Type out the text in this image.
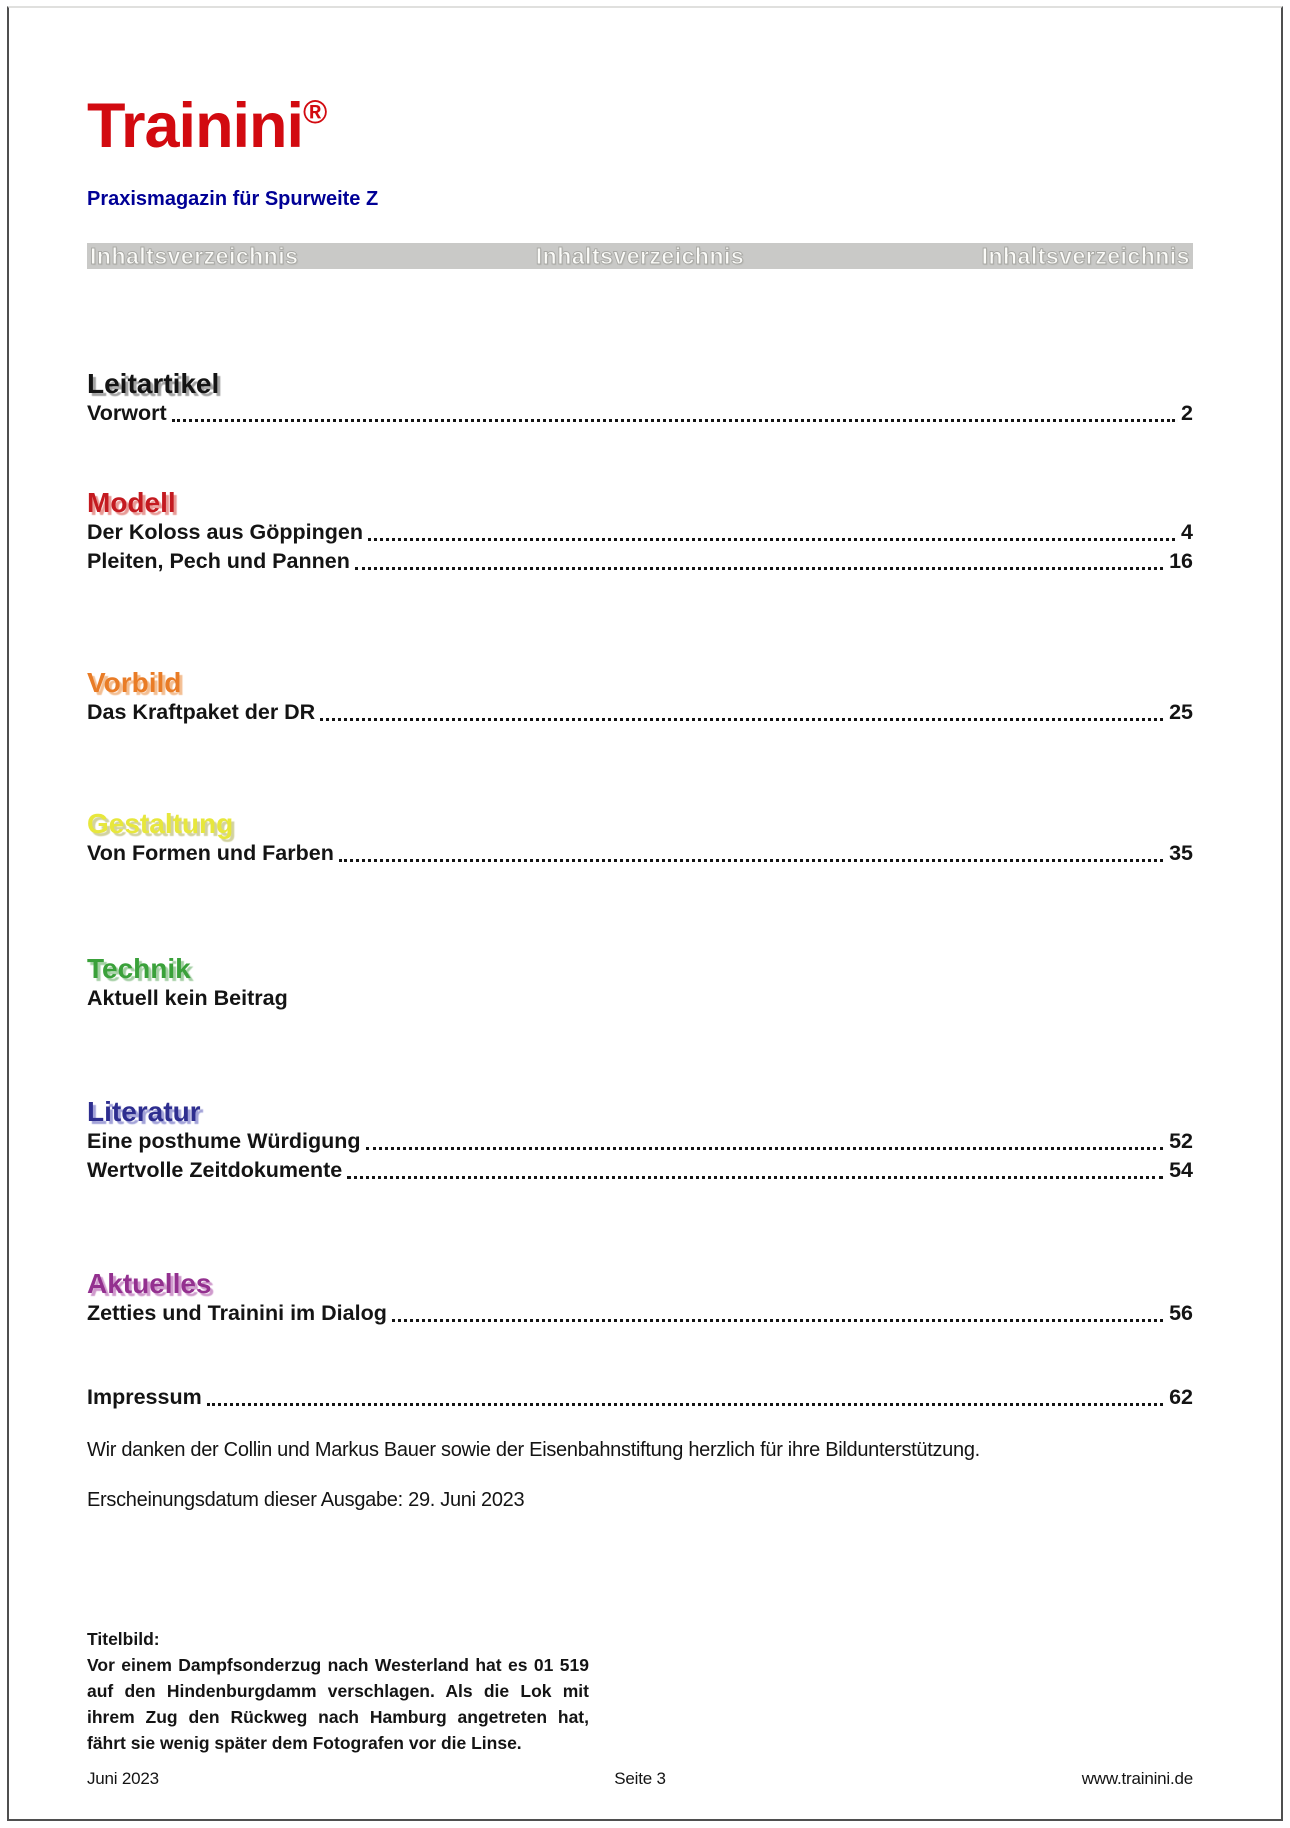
Trainini®
Praxismagazin für Spurweite Z
Inhaltsverzeichnis	Inhaltsverzeichnis	Inhaltsverzeichnis
Leitartikel
Vorwort	2
Modell
Der Koloss aus Göppingen	4
Pleiten, Pech und Pannen	16
Vorbild
Das Kraftpaket der DR	25
Gestaltung
Von Formen und Farben	35
Technik
Aktuell kein Beitrag
Literatur
Eine posthume Würdigung	52
Wertvolle Zeitdokumente	54
Aktuelles
Zetties und Trainini im Dialog	56
Impressum	62

Wir danken der Collin und Markus Bauer sowie der Eisenbahnstiftung herzlich für ihre Bildunterstützung.

Erscheinungsdatum dieser Ausgabe: 29. Juni 2023

Titelbild:
Vor einem Dampfsonderzug nach Westerland hat es 01 519 auf den Hindenburgdamm verschlagen. Als die Lok mit ihrem Zug den Rückweg nach Hamburg angetreten hat, fährt sie wenig später dem Fotografen vor die Linse.
Juni 2023	Seite 3	www.trainini.de
